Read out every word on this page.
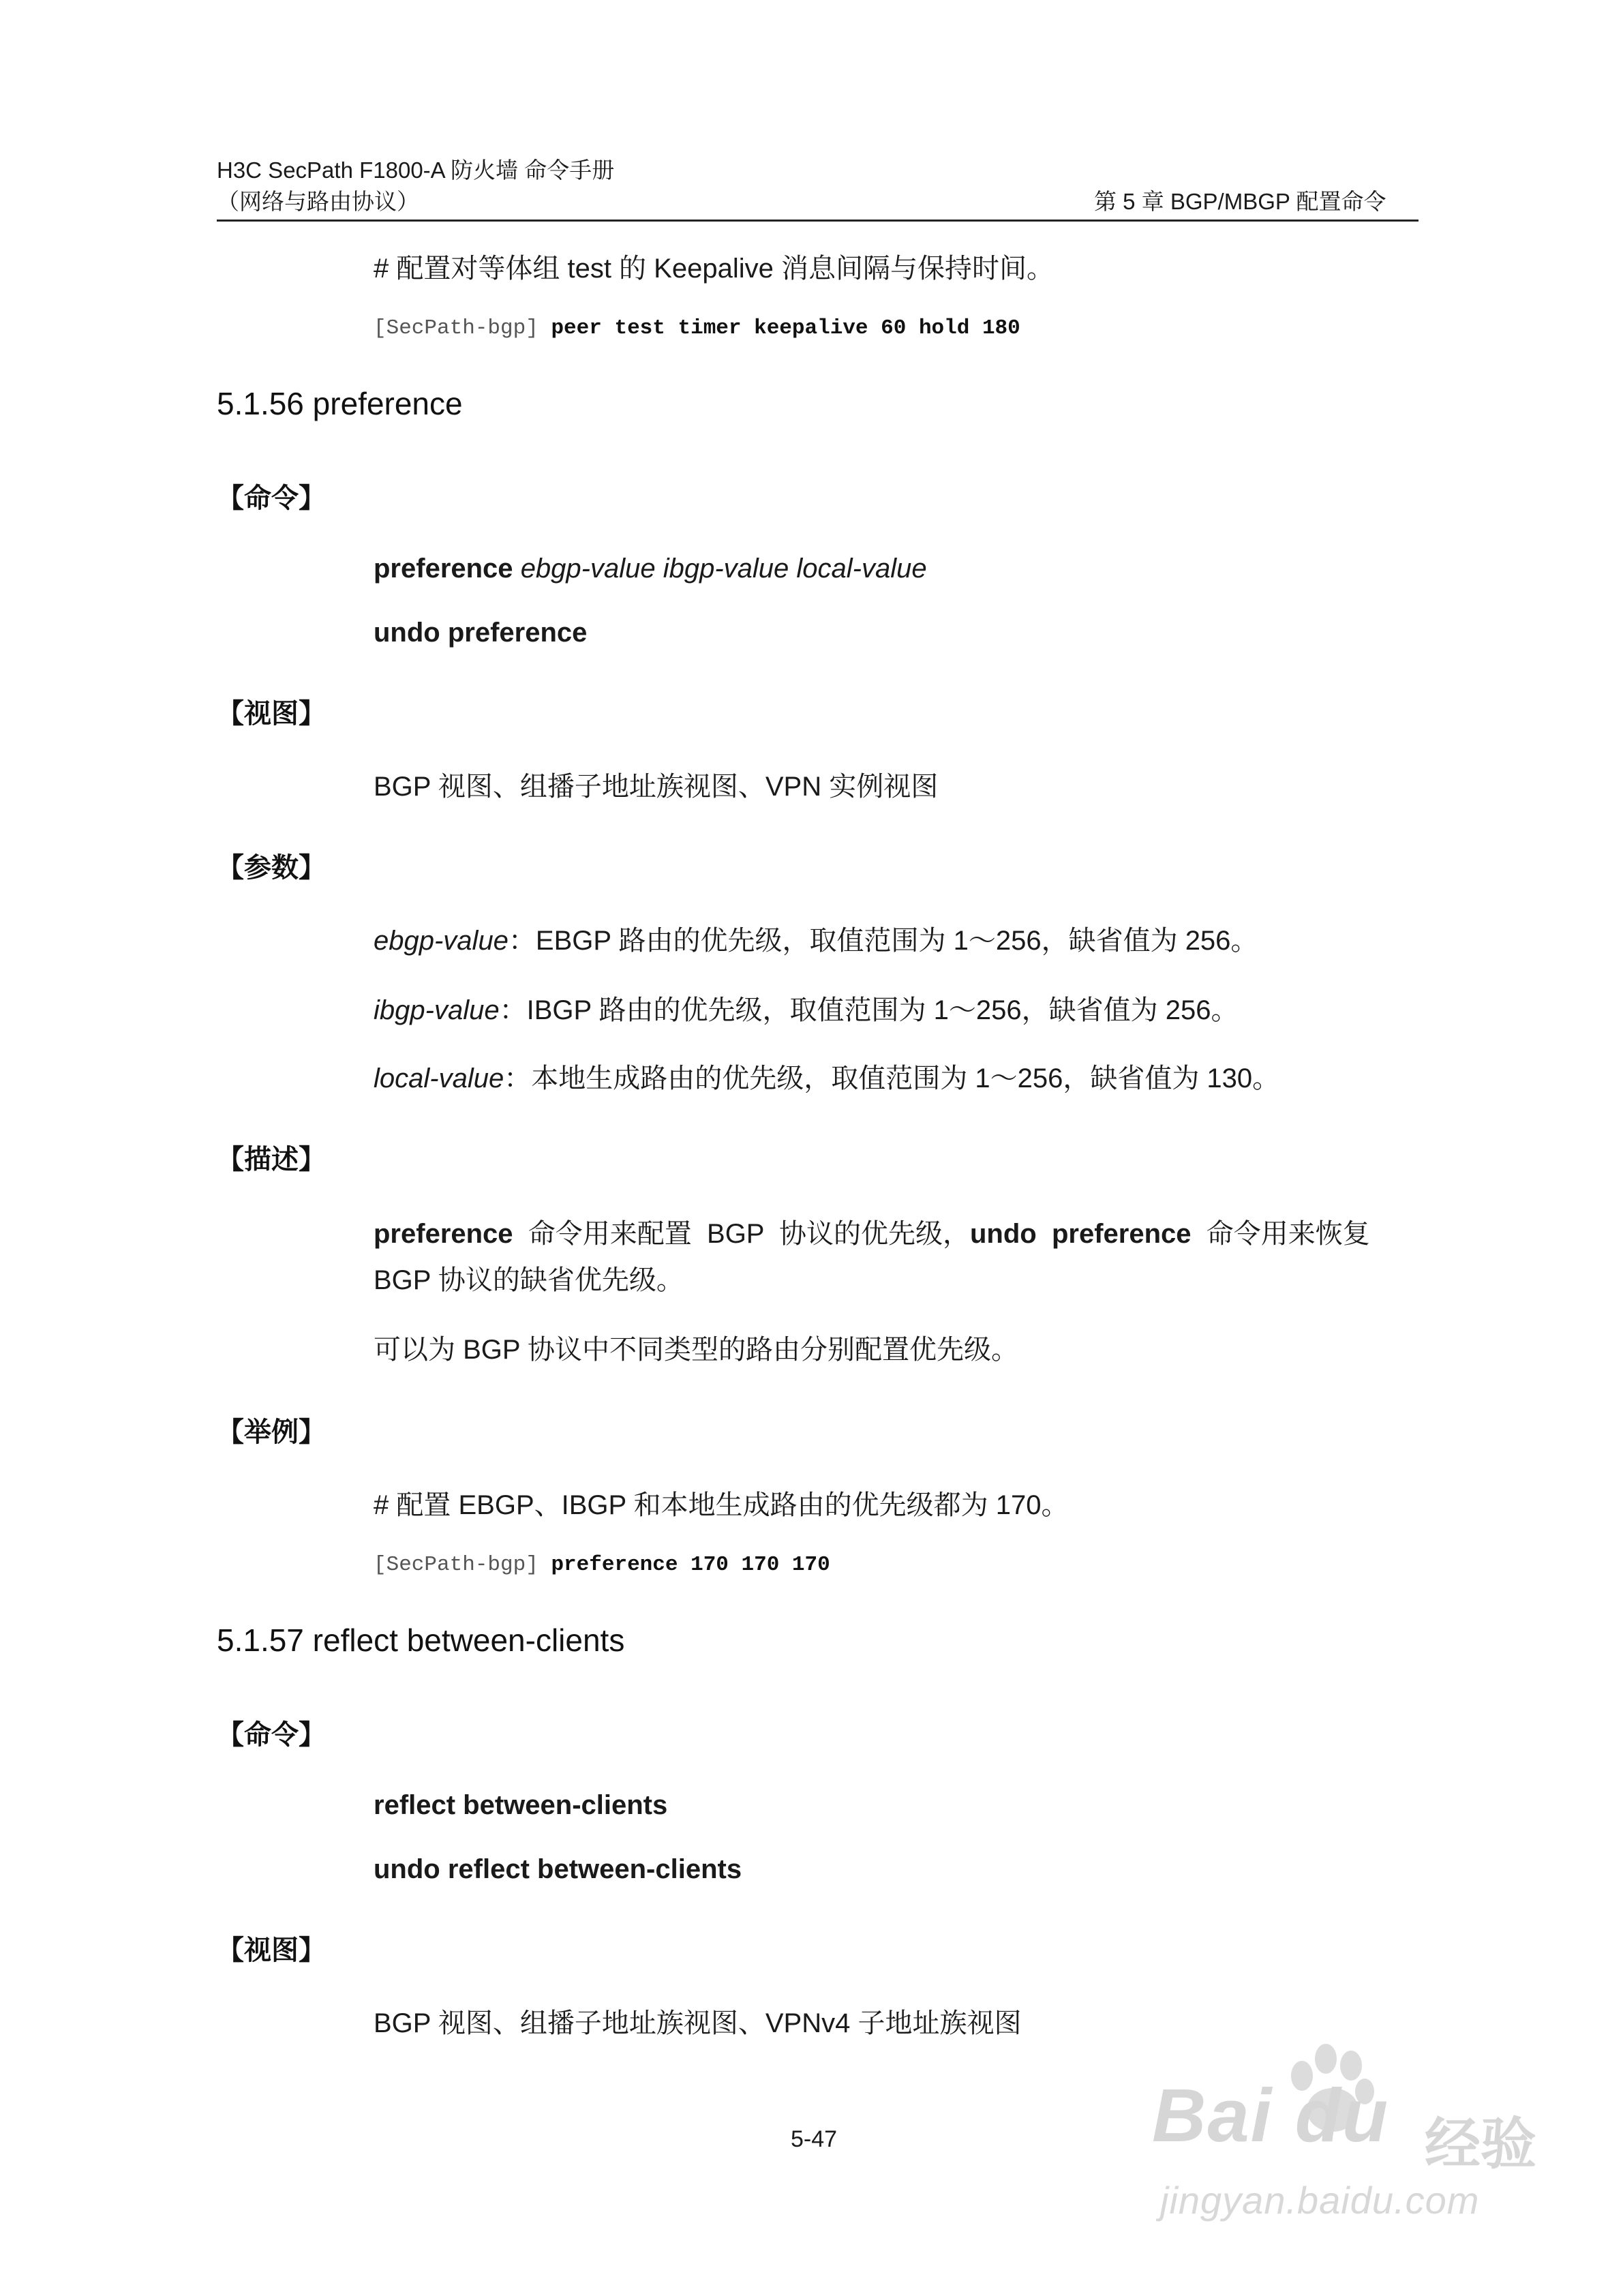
H3C SecPath F1800-A 防火墙 命令手册
（网络与路由协议）	第 5 章 BGP/MBGP 配置命令
# 配置对等体组 test 的 Keepalive 消息间隔与保持时间。
[SecPath-bgp] peer test timer keepalive 60 hold 180
5.1.56 preference
【命令】
preference ebgp-value ibgp-value local-value
undo preference
【视图】
BGP 视图、组播子地址族视图、VPN 实例视图
【参数】
ebgp-value：EBGP 路由的优先级，取值范围为 1～256，缺省值为 256。
ibgp-value：IBGP 路由的优先级，取值范围为 1～256，缺省值为 256。
local-value：本地生成路由的优先级，取值范围为 1～256，缺省值为 130。
【描述】
preference  命令用来配置  BGP  协议的优先级，undo  preference  命令用来恢复
BGP 协议的缺省优先级。
可以为 BGP 协议中不同类型的路由分别配置优先级。
【举例】
# 配置 EBGP、IBGP 和本地生成路由的优先级都为 170。
[SecPath-bgp] preference 170 170 170
5.1.57 reflect between-clients
【命令】
reflect between-clients
undo reflect between-clients
【视图】
BGP 视图、组播子地址族视图、VPNv4 子地址族视图
5-47	Bai du 经验
jingyan.baidu.com
